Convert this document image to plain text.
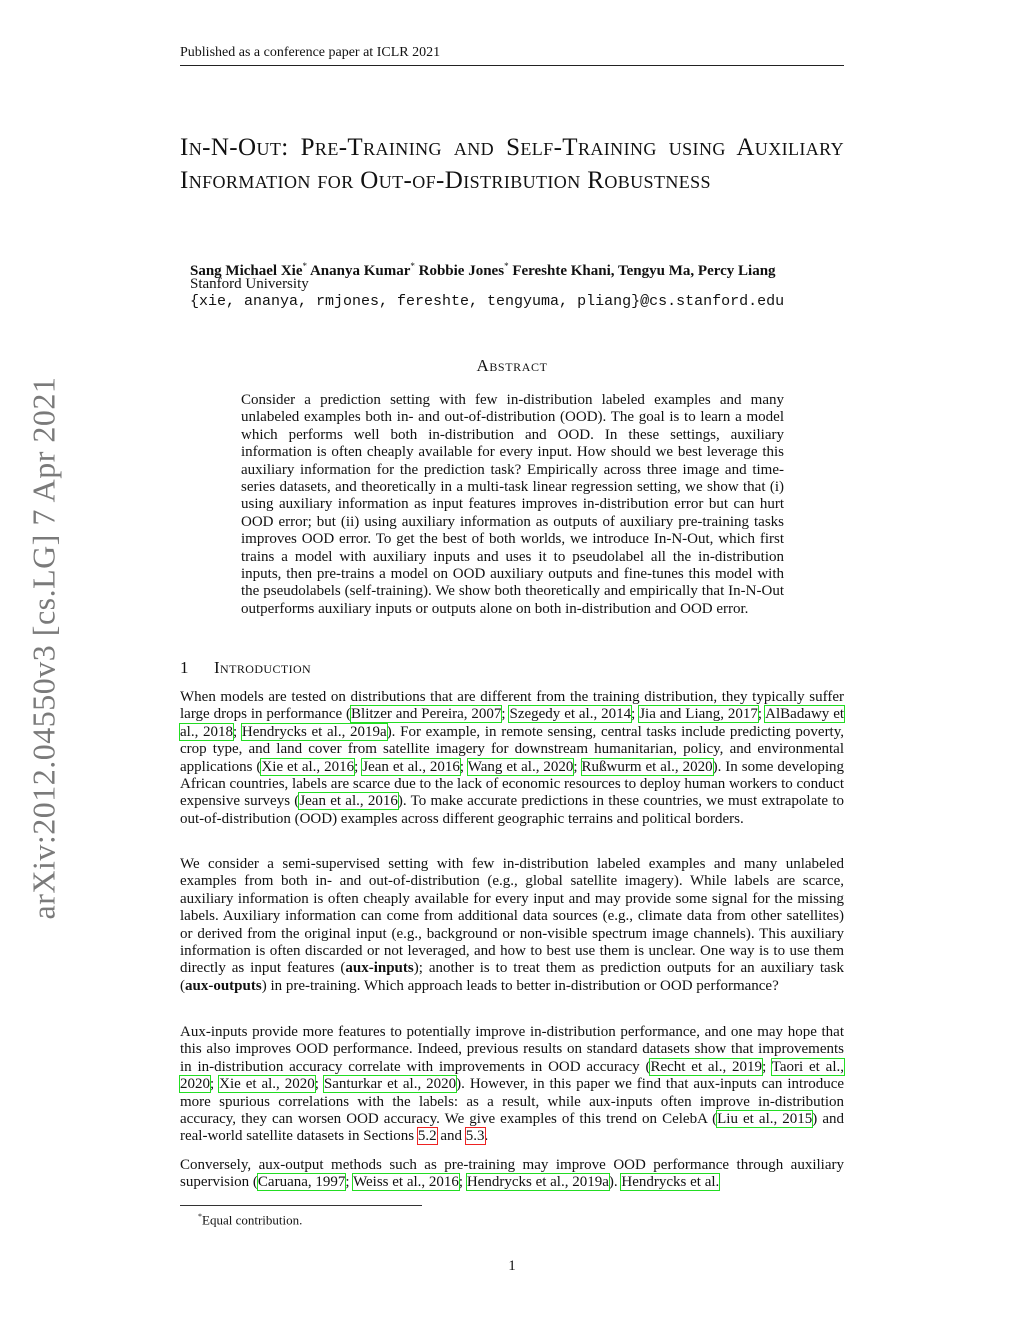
Published as a conference paper at ICLR 2021
arXiv:2012.04550v3 [cs.LG] 7 Apr 2021
In-N-Out: Pre-Training and Self-Training using Auxiliary Information for Out-of-Distribution Robustness
Sang Michael Xie* Ananya Kumar* Robbie Jones* Fereshte Khani, Tengyu Ma, Percy Liang
Stanford University
{xie, ananya, rmjones, fereshte, tengyuma, pliang}@cs.stanford.edu
Abstract
Consider a prediction setting with few in-distribution labeled examples and many unlabeled examples both in- and out-of-distribution (OOD). The goal is to learn a model which performs well both in-distribution and OOD. In these settings, auxiliary information is often cheaply available for every input. How should we best leverage this auxiliary information for the prediction task? Empirically across three image and time-series datasets, and theoretically in a multi-task linear regression setting, we show that (i) using auxiliary information as input features improves in-distribution error but can hurt OOD error; but (ii) using auxiliary information as outputs of auxiliary pre-training tasks improves OOD error. To get the best of both worlds, we introduce In-N-Out, which first trains a model with auxiliary inputs and uses it to pseudolabel all the in-distribution inputs, then pre-trains a model on OOD auxiliary outputs and fine-tunes this model with the pseudolabels (self-training). We show both theoretically and empirically that In-N-Out outperforms auxiliary inputs or outputs alone on both in-distribution and OOD error.
1 Introduction
When models are tested on distributions that are different from the training distribution, they typically suffer large drops in performance (Blitzer and Pereira, 2007; Szegedy et al., 2014; Jia and Liang, 2017; AlBadawy et al., 2018; Hendrycks et al., 2019a). For example, in remote sensing, central tasks include predicting poverty, crop type, and land cover from satellite imagery for downstream humanitarian, policy, and environmental applications (Xie et al., 2016; Jean et al., 2016; Wang et al., 2020; Rußwurm et al., 2020). In some developing African countries, labels are scarce due to the lack of economic resources to deploy human workers to conduct expensive surveys (Jean et al., 2016). To make accurate predictions in these countries, we must extrapolate to out-of-distribution (OOD) examples across different geographic terrains and political borders.
We consider a semi-supervised setting with few in-distribution labeled examples and many unlabeled examples from both in- and out-of-distribution (e.g., global satellite imagery). While labels are scarce, auxiliary information is often cheaply available for every input and may provide some signal for the missing labels. Auxiliary information can come from additional data sources (e.g., climate data from other satellites) or derived from the original input (e.g., background or non-visible spectrum image channels). This auxiliary information is often discarded or not leveraged, and how to best use them is unclear. One way is to use them directly as input features (aux-inputs); another is to treat them as prediction outputs for an auxiliary task (aux-outputs) in pre-training. Which approach leads to better in-distribution or OOD performance?
Aux-inputs provide more features to potentially improve in-distribution performance, and one may hope that this also improves OOD performance. Indeed, previous results on standard datasets show that improvements in in-distribution accuracy correlate with improvements in OOD accuracy (Recht et al., 2019; Taori et al., 2020; Xie et al., 2020; Santurkar et al., 2020). However, in this paper we find that aux-inputs can introduce more spurious correlations with the labels: as a result, while aux-inputs often improve in-distribution accuracy, they can worsen OOD accuracy. We give examples of this trend on CelebA (Liu et al., 2015) and real-world satellite datasets in Sections 5.2 and 5.3.
Conversely, aux-output methods such as pre-training may improve OOD performance through auxiliary supervision (Caruana, 1997; Weiss et al., 2016; Hendrycks et al., 2019a). Hendrycks et al.
*Equal contribution.
1
